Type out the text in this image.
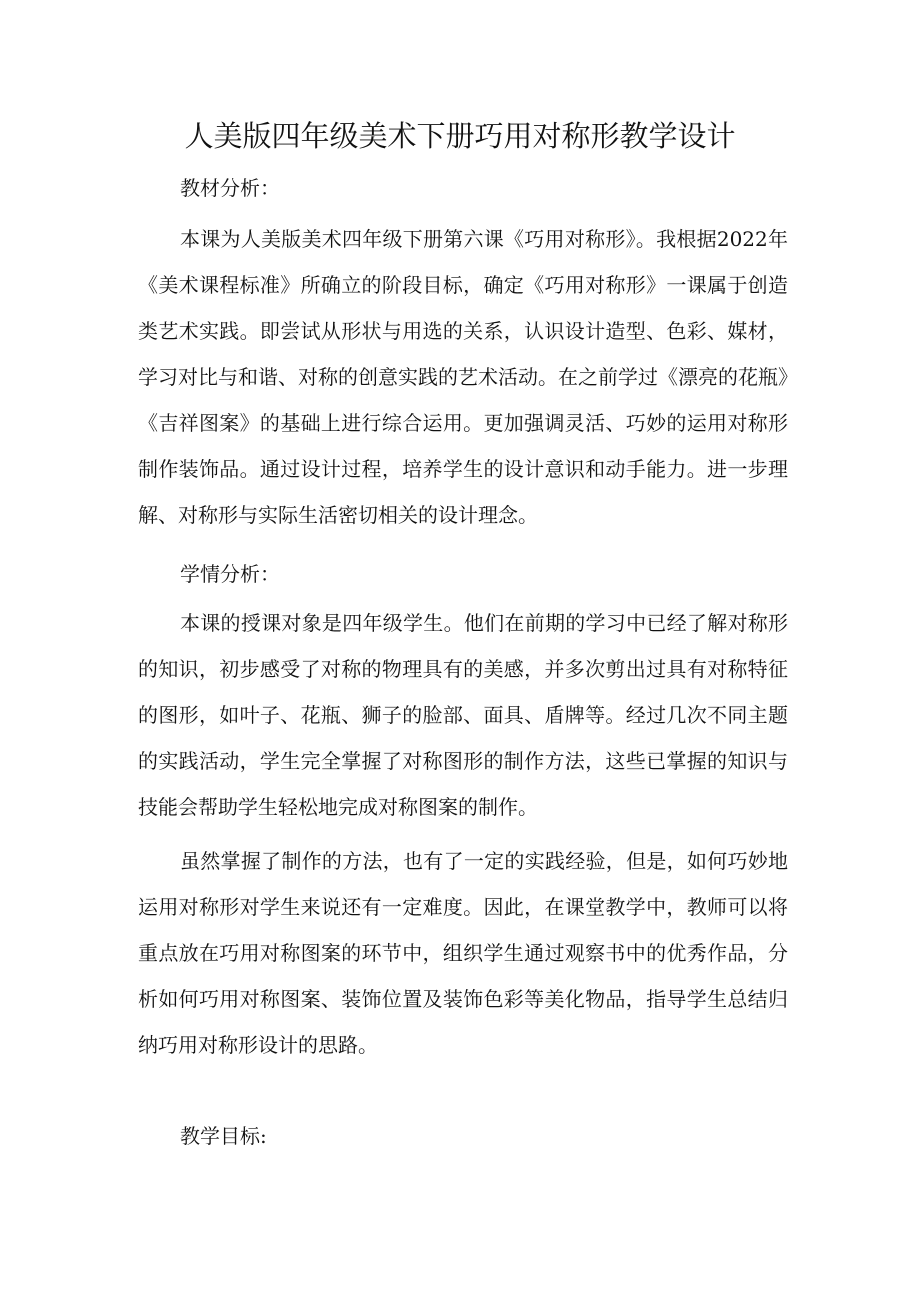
人美版四年级美术下册巧用对称形教学设计

教材分析：

本课为人美版美术四年级下册第六课《巧用对称形》。我根据2022年《美术课程标准》所确立的阶段目标，确定《巧用对称形》一课属于创造类艺术实践。即尝试从形状与用选的关系，认识设计造型、色彩、媒材，学习对比与和谐、对称的创意实践的艺术活动。在之前学过《漂亮的花瓶》《吉祥图案》的基础上进行综合运用。更加强调灵活、巧妙的运用对称形制作装饰品。通过设计过程，培养学生的设计意识和动手能力。进一步理解、对称形与实际生活密切相关的设计理念。

学情分析：

本课的授课对象是四年级学生。他们在前期的学习中已经了解对称形的知识，初步感受了对称的物理具有的美感，并多次剪出过具有对称特征的图形，如叶子、花瓶、狮子的脸部、面具、盾牌等。经过几次不同主题的实践活动，学生完全掌握了对称图形的制作方法，这些已掌握的知识与技能会帮助学生轻松地完成对称图案的制作。

虽然掌握了制作的方法，也有了一定的实践经验，但是，如何巧妙地运用对称形对学生来说还有一定难度。因此，在课堂教学中，教师可以将重点放在巧用对称图案的环节中，组织学生通过观察书中的优秀作品，分析如何巧用对称图案、装饰位置及装饰色彩等美化物品，指导学生总结归纳巧用对称形设计的思路。

教学目标:
